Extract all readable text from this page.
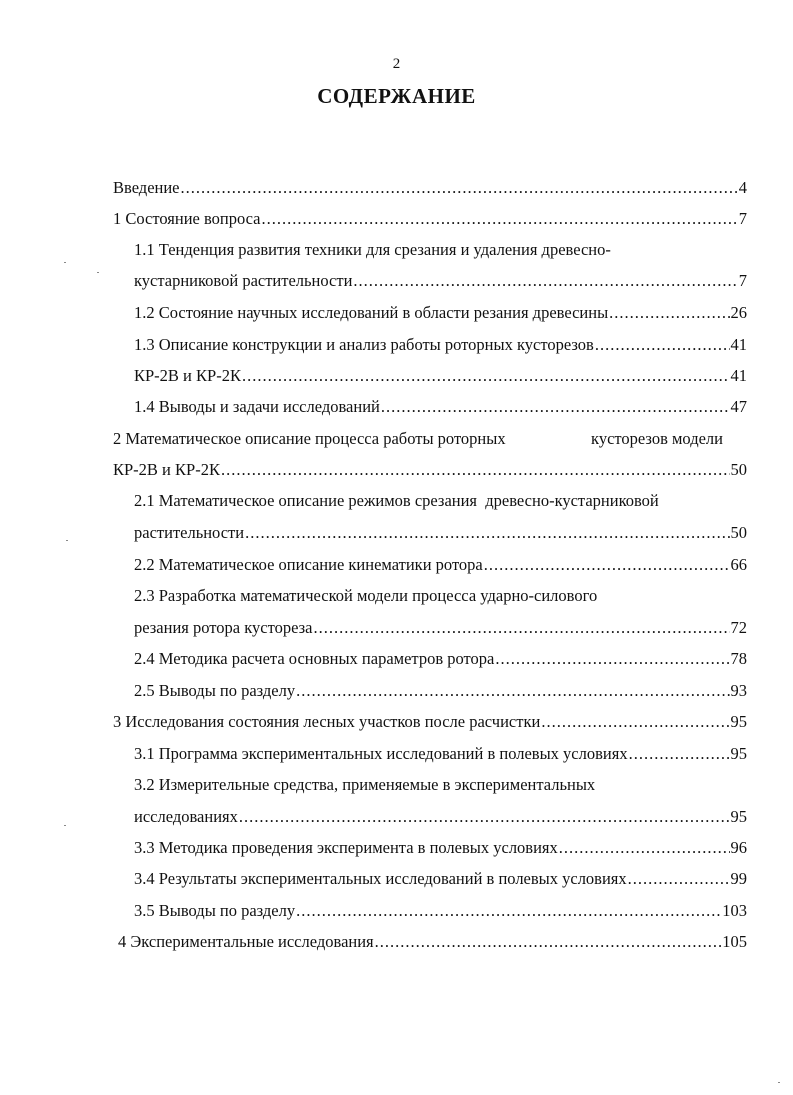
2
СОДЕРЖАНИЕ
Введение .....	4
1 Состояние вопроса .....	7
1.1 Тенденция развития техники для срезания и удаления древесно-
кустарниковой растительности .....	7
1.2 Состояние научных исследований в области резания древесины .....	26
1.3 Описание конструкции и анализ работы роторных кусторезов .....	41
КР-2В и КР-2К .....	41
1.4 Выводы и задачи исследований .....	47
2 Математическое описание процесса работы роторных	кусторезов модели
КР-2В и КР-2К .....	50
2.1 Математическое описание режимов срезания  древесно-кустарниковой
растительности .....	50
2.2 Математическое описание кинематики ротора .....	66
2.3 Разработка математической модели процесса ударно-силового
резания ротора кустореза .....	72
2.4 Методика расчета основных параметров ротора .....	78
2.5 Выводы по разделу .....	93
3 Исследования состояния лесных участков после расчистки .....	95
3.1 Программа экспериментальных исследований в полевых условиях .....	95
3.2 Измерительные средства, применяемые в экспериментальных
исследованиях .....	95
3.3 Методика проведения эксперимента в полевых условиях .....	96
3.4 Результаты экспериментальных исследований в полевых условиях .....	99
3.5 Выводы по разделу .....	103
4 Экспериментальные исследования .....	105
